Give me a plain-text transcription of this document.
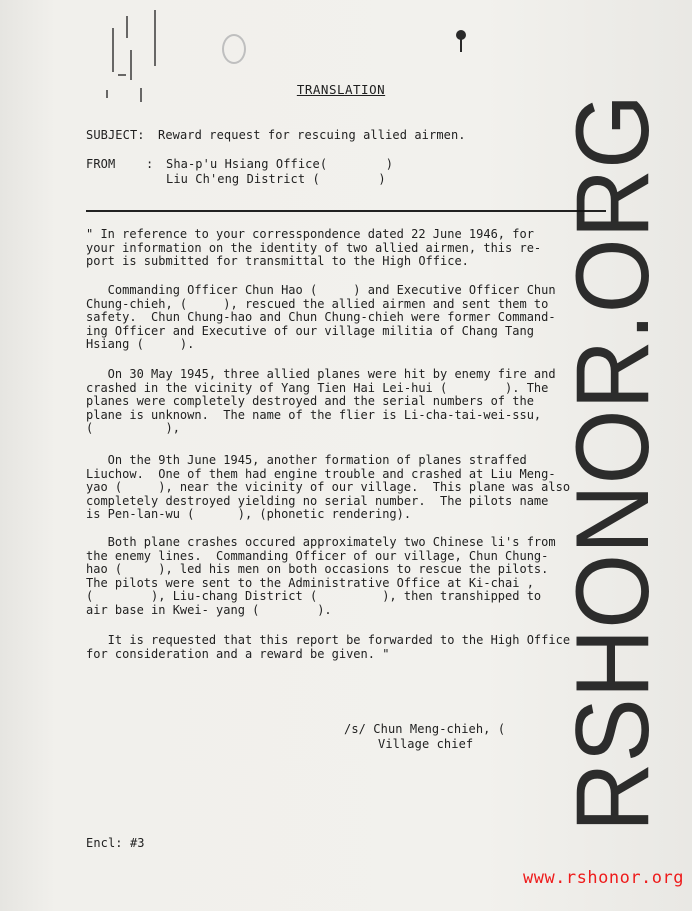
TRANSLATION
SUBJECT: Reward request for rescuing allied airmen.
FROM	: Sha-p'u Hsiang Office(        )
Liu Ch'eng District (        )
" In reference to your corresspondence dated 22 June 1946, for
your information on the identity of two allied airmen, this re-
port is submitted for transmittal to the High Office.
Commanding Officer Chun Hao (     ) and Executive Officer Chun
Chung-chieh, (     ), rescued the allied airmen and sent them to
safety.  Chun Chung-hao and Chun Chung-chieh were former Command-
ing Officer and Executive of our village militia of Chang Tang
Hsiang (     ).
On 30 May 1945, three allied planes were hit by enemy fire and
crashed in the vicinity of Yang Tien Hai Lei-hui (        ). The
planes were completely destroyed and the serial numbers of the
plane is unknown.  The name of the flier is Li-cha-tai-wei-ssu,
(          ),
On the 9th June 1945, another formation of planes straffed
Liuchow.  One of them had engine trouble and crashed at Liu Meng-
yao (     ), near the vicinity of our village.  This plane was also
completely destroyed yielding no serial number.  The pilots name
is Pen-lan-wu (      ), (phonetic rendering).
Both plane crashes occured approximately two Chinese li's from
the enemy lines.  Commanding Officer of our village, Chun Chung-
hao (     ), led his men on both occasions to rescue the pilots.
The pilots were sent to the Administrative Office at Ki-chai ,
(        ), Liu-chang District (         ), then transhipped to
air base in Kwei- yang (        ).
It is requested that this report be forwarded to the High Office
for consideration and a reward be given. "
/s/ Chun Meng-chieh, (
Village chief
Encl: #3
RSHONOR.ORG
www.rshonor.org
